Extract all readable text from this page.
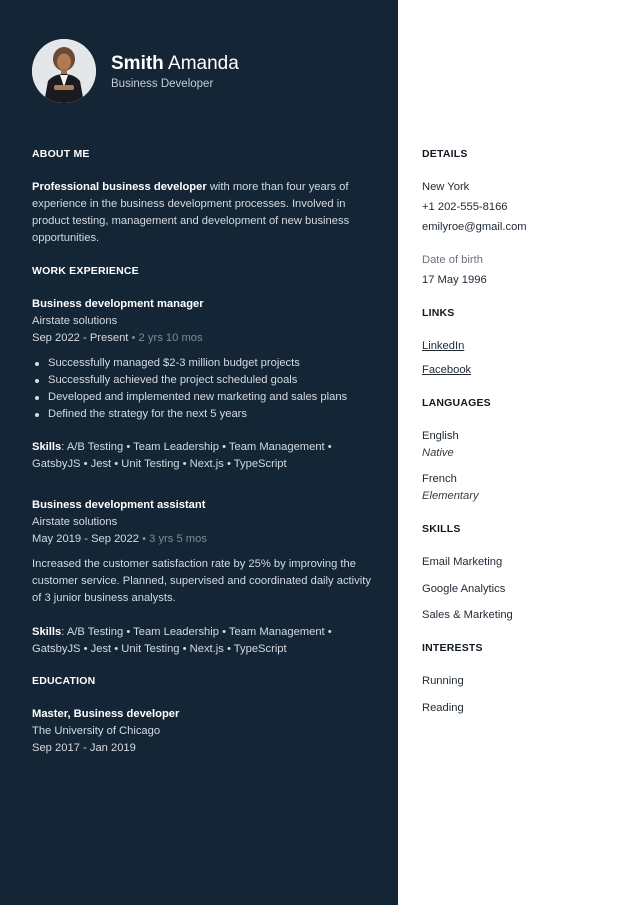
Smith Amanda
Business Developer
ABOUT ME
Professional business developer with more than four years of experience in the business development processes. Involved in product testing, management and development of new business opportunities.
WORK EXPERIENCE
Business development manager
Airstate solutions
Sep 2022 - Present • 2 yrs 10 mos
Successfully managed $2-3 million budget projects
Successfully achieved the project scheduled goals
Developed and implemented new marketing and sales plans
Defined the strategy for the next 5 years
Skills: A/B Testing • Team Leadership • Team Management • GatsbyJS • Jest • Unit Testing • Next.js • TypeScript
Business development assistant
Airstate solutions
May 2019 - Sep 2022 • 3 yrs 5 mos
Increased the customer satisfaction rate by 25% by improving the customer service. Planned, supervised and coordinated daily activity of 3 junior business analysts.
Skills: A/B Testing • Team Leadership • Team Management • GatsbyJS • Jest • Unit Testing • Next.js • TypeScript
EDUCATION
Master, Business developer
The University of Chicago
Sep 2017 - Jan 2019
DETAILS
New York
+1 202-555-8166
emilyroe@gmail.com
Date of birth
17 May 1996
LINKS
LinkedIn
Facebook
LANGUAGES
English
Native
French
Elementary
SKILLS
Email Marketing
Google Analytics
Sales & Marketing
INTERESTS
Running
Reading
